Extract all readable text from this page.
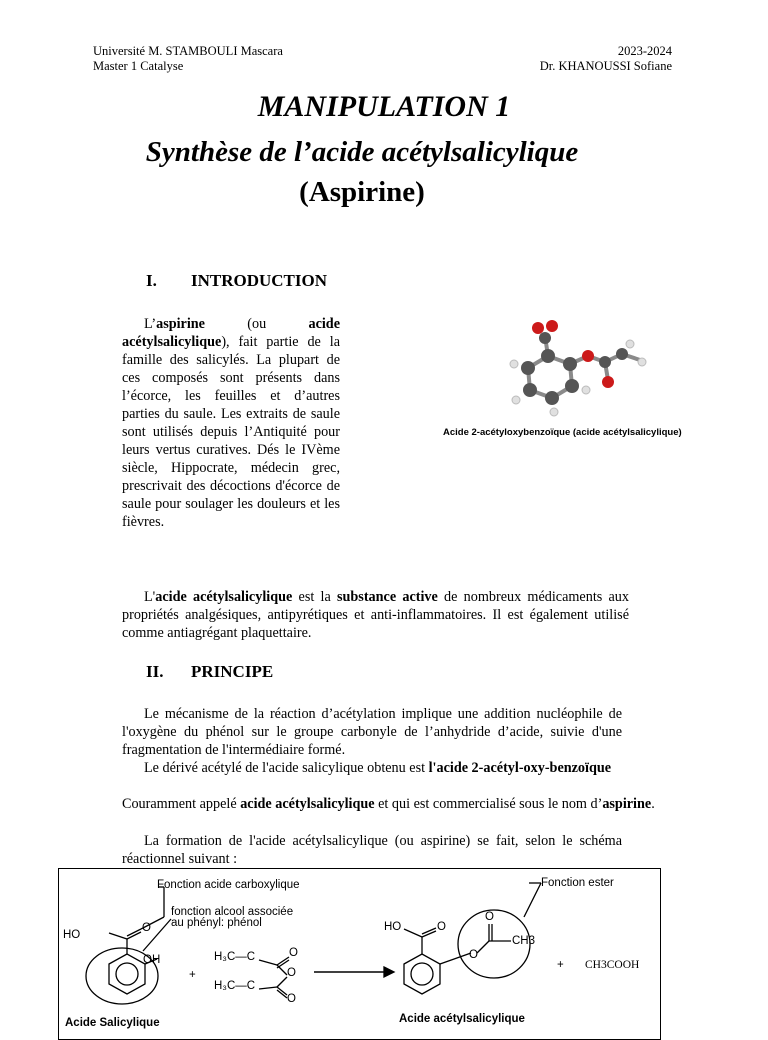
Université M. STAMBOULI Mascara
Master 1 Catalyse
2023-2024
Dr. KHANOUSSI Sofiane
MANIPULATION 1
Synthèse de l’acide acétylsalicylique
(Aspirine)
I. INTRODUCTION
L’aspirine (ou acide acétylsalicylique), fait partie de la famille des salicylés. La plupart de ces composés sont présents dans l’écorce, les feuilles et d’autres parties du saule. Les extraits de saule sont utilisés depuis l’Antiquité pour leurs vertus curatives. Dés le IVème siècle, Hippocrate, médecin grec, prescrivait des décoctions d'écorce de saule pour soulager les douleurs et les fièvres.
Acide 2-acétyloxybenzoïque (acide acétylsalicylique)
L'acide acétylsalicylique est la substance active de nombreux médicaments aux propriétés analgésiques, antipyrétiques et anti-inflammatoires. Il est également utilisé comme antiagrégant plaquettaire.
II. PRINCIPE
Le mécanisme de la réaction d’acétylation implique une addition nucléophile de l'oxygène du phénol sur le groupe carbonyle de l’anhydride d’acide, suivie d'une fragmentation de l'intermédiaire formé.
Le dérivé acétylé de l'acide salicylique obtenu est l'acide 2-acétyl-oxy-benzoïque
Couramment appelé acide acétylsalicylique et qui est commercialisé sous le nom d’aspirine.
La formation de l'acide acétylsalicylique (ou aspirine) se fait, selon le schéma réactionnel suivant :
Fonction acide carboxylique
fonction alcool associée
au phényl: phénol
Fonction ester
HO
O
OH
+
H₃C—C	O
O
H₃C—C
O
HO	O
O
O
CH3
+ CH3COOH
Acide Salicylique	Acide acétylsalicylique
